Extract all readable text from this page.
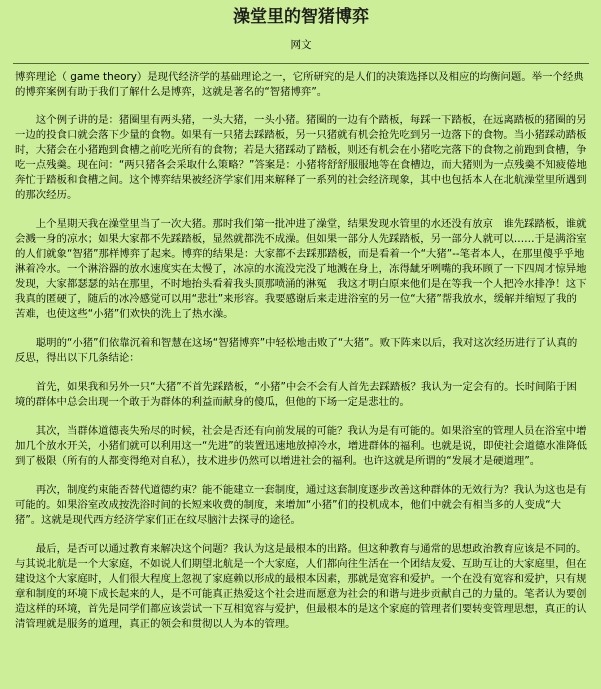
澡堂里的智猪博弈
网文

博弈理论（ game theory）是现代经济学的基础理论之一，它所研究的是人们的决策选择以及相应的均衡问题。举一个经典的博弈案例有助于我们了解什么是博弈，这就是著名的“智猪博弈”。

这个例子讲的是：猪圈里有两头猪，一头大猪，一头小猪。猪圈的一边有个踏板，每踩一下踏板，在远离踏板的猪圈的另一边的投食口就会落下少量的食物。如果有一只猪去踩踏板，另一只猪就有机会抢先吃到另一边落下的食物。当小猪踩动踏板时，大猪会在小猪跑到食槽之前吃光所有的食物；若是大猪踩动了踏板，则还有机会在小猪吃完落下的食物之前跑到食槽，争吃一点残羹。现在问：“两只猪各会采取什么策略？”答案是：小猪将舒舒服服地等在食槽边，而大猪则为一点残羹不知疲倦地奔忙于踏板和食槽之间。这个博弈结果被经济学家们用来解释了一系列的社会经济现象，其中也包括本人在北航澡堂里所遇到的那次经历。

上个星期天我在澡堂里当了一次大猪。那时我们第一批冲进了澡堂，结果发现水管里的水还没有放京　谁先踩踏板，谁就会溅一身的凉水；如果大家都不先踩踏板，显然就都洗不成澡。但如果一部分人先踩踏板，另一部分人就可以……于是满浴室的人们就象“智猪”那样博弈了起来。博弈的结果是：大家都不去踩那踏板，而是看着一个“大猪”--笔者本人，在那里傻乎乎地淋着冷水。一个淋浴器的放水速度实在太慢了，冰凉的水流没完没了地溅在身上，冻得龇牙咧嘴的我环顾了一下四周才惊异地发现，大家都瑟瑟的站在那里，不时地抬头看着我头顶那喷涌的淋冤　我这才明白原来他们是在等我一个人把冷水排净！这下我真的匿硬了，随后的冰冷感觉可以用“悲壮”来形容。我要感谢后来走进浴室的另一位“大猪”帮我放水，缓解并缩短了我的苦难，也使这些“小猪”们欢快的洗上了热水澡。

聪明的“小猪”们依靠沉着和智慧在这场“智猪博弈”中轻松地击败了“大猪”。败下阵来以后，我对这次经历进行了认真的反思，得出以下几条结论：

首先，如果我和另外一只“大猪”不首先踩踏板，“小猪”中会不会有人首先去踩踏板？我认为一定会有的。长时间陷于困境的群体中总会出现一个敢于为群体的利益而献身的傻瓜，但他的下场一定是悲壮的。

其次，当群体道德丧失殆尽的时候，社会是否还有向前发展的可能？我认为是有可能的。如果浴室的管理人员在浴室中增加几个放水开关，小猪们就可以利用这一“先进”的装置迅速地放掉冷水，增进群体的福利。也就是说，即使社会道德水准降低到了极限（所有的人都变得绝对自私），技术进步仍然可以增进社会的福利。也许这就是所谓的“发展才是硬道理”。

再次，制度约束能否替代道德约束？能不能建立一套制度，通过这套制度逐步改善这种群体的无效行为？我认为这也是有可能的。如果浴室改成按洗浴时间的长短来收费的制度，来增加“小猪”们的投机成本，他们中就会有相当多的人变成“大猪”。这就是现代西方经济学家们正在纹尽脑汁去探寻的途径。

最后，是否可以通过教育来解决这个问题？我认为这是最根本的出路。但这种教育与通常的思想政治教育应该是不同的。与其说北航是一个大家庭，不如说人们期望北航是一个大家庭，人们都向往生活在一个团结友爱、互助互让的大家庭里，但在建设这个大家庭时，人们很大程度上忽视了家庭赖以形成的最根本因素，那就是宽容和爱护。一个在没有宽容和爱护，只有规章和制度的环境下成长起来的人，是不可能真正热爱这个社会进而愿意为社会的和谐与进步贡献自己的力量的。笔者认为要创造这样的环境，首先是同学们都应该尝试一下互相宽容与爱护，但最根本的是这个家庭的管理者们要转变管理思想，真正的认清管理就是服务的道理，真正的领会和贯彻以人为本的管理。
